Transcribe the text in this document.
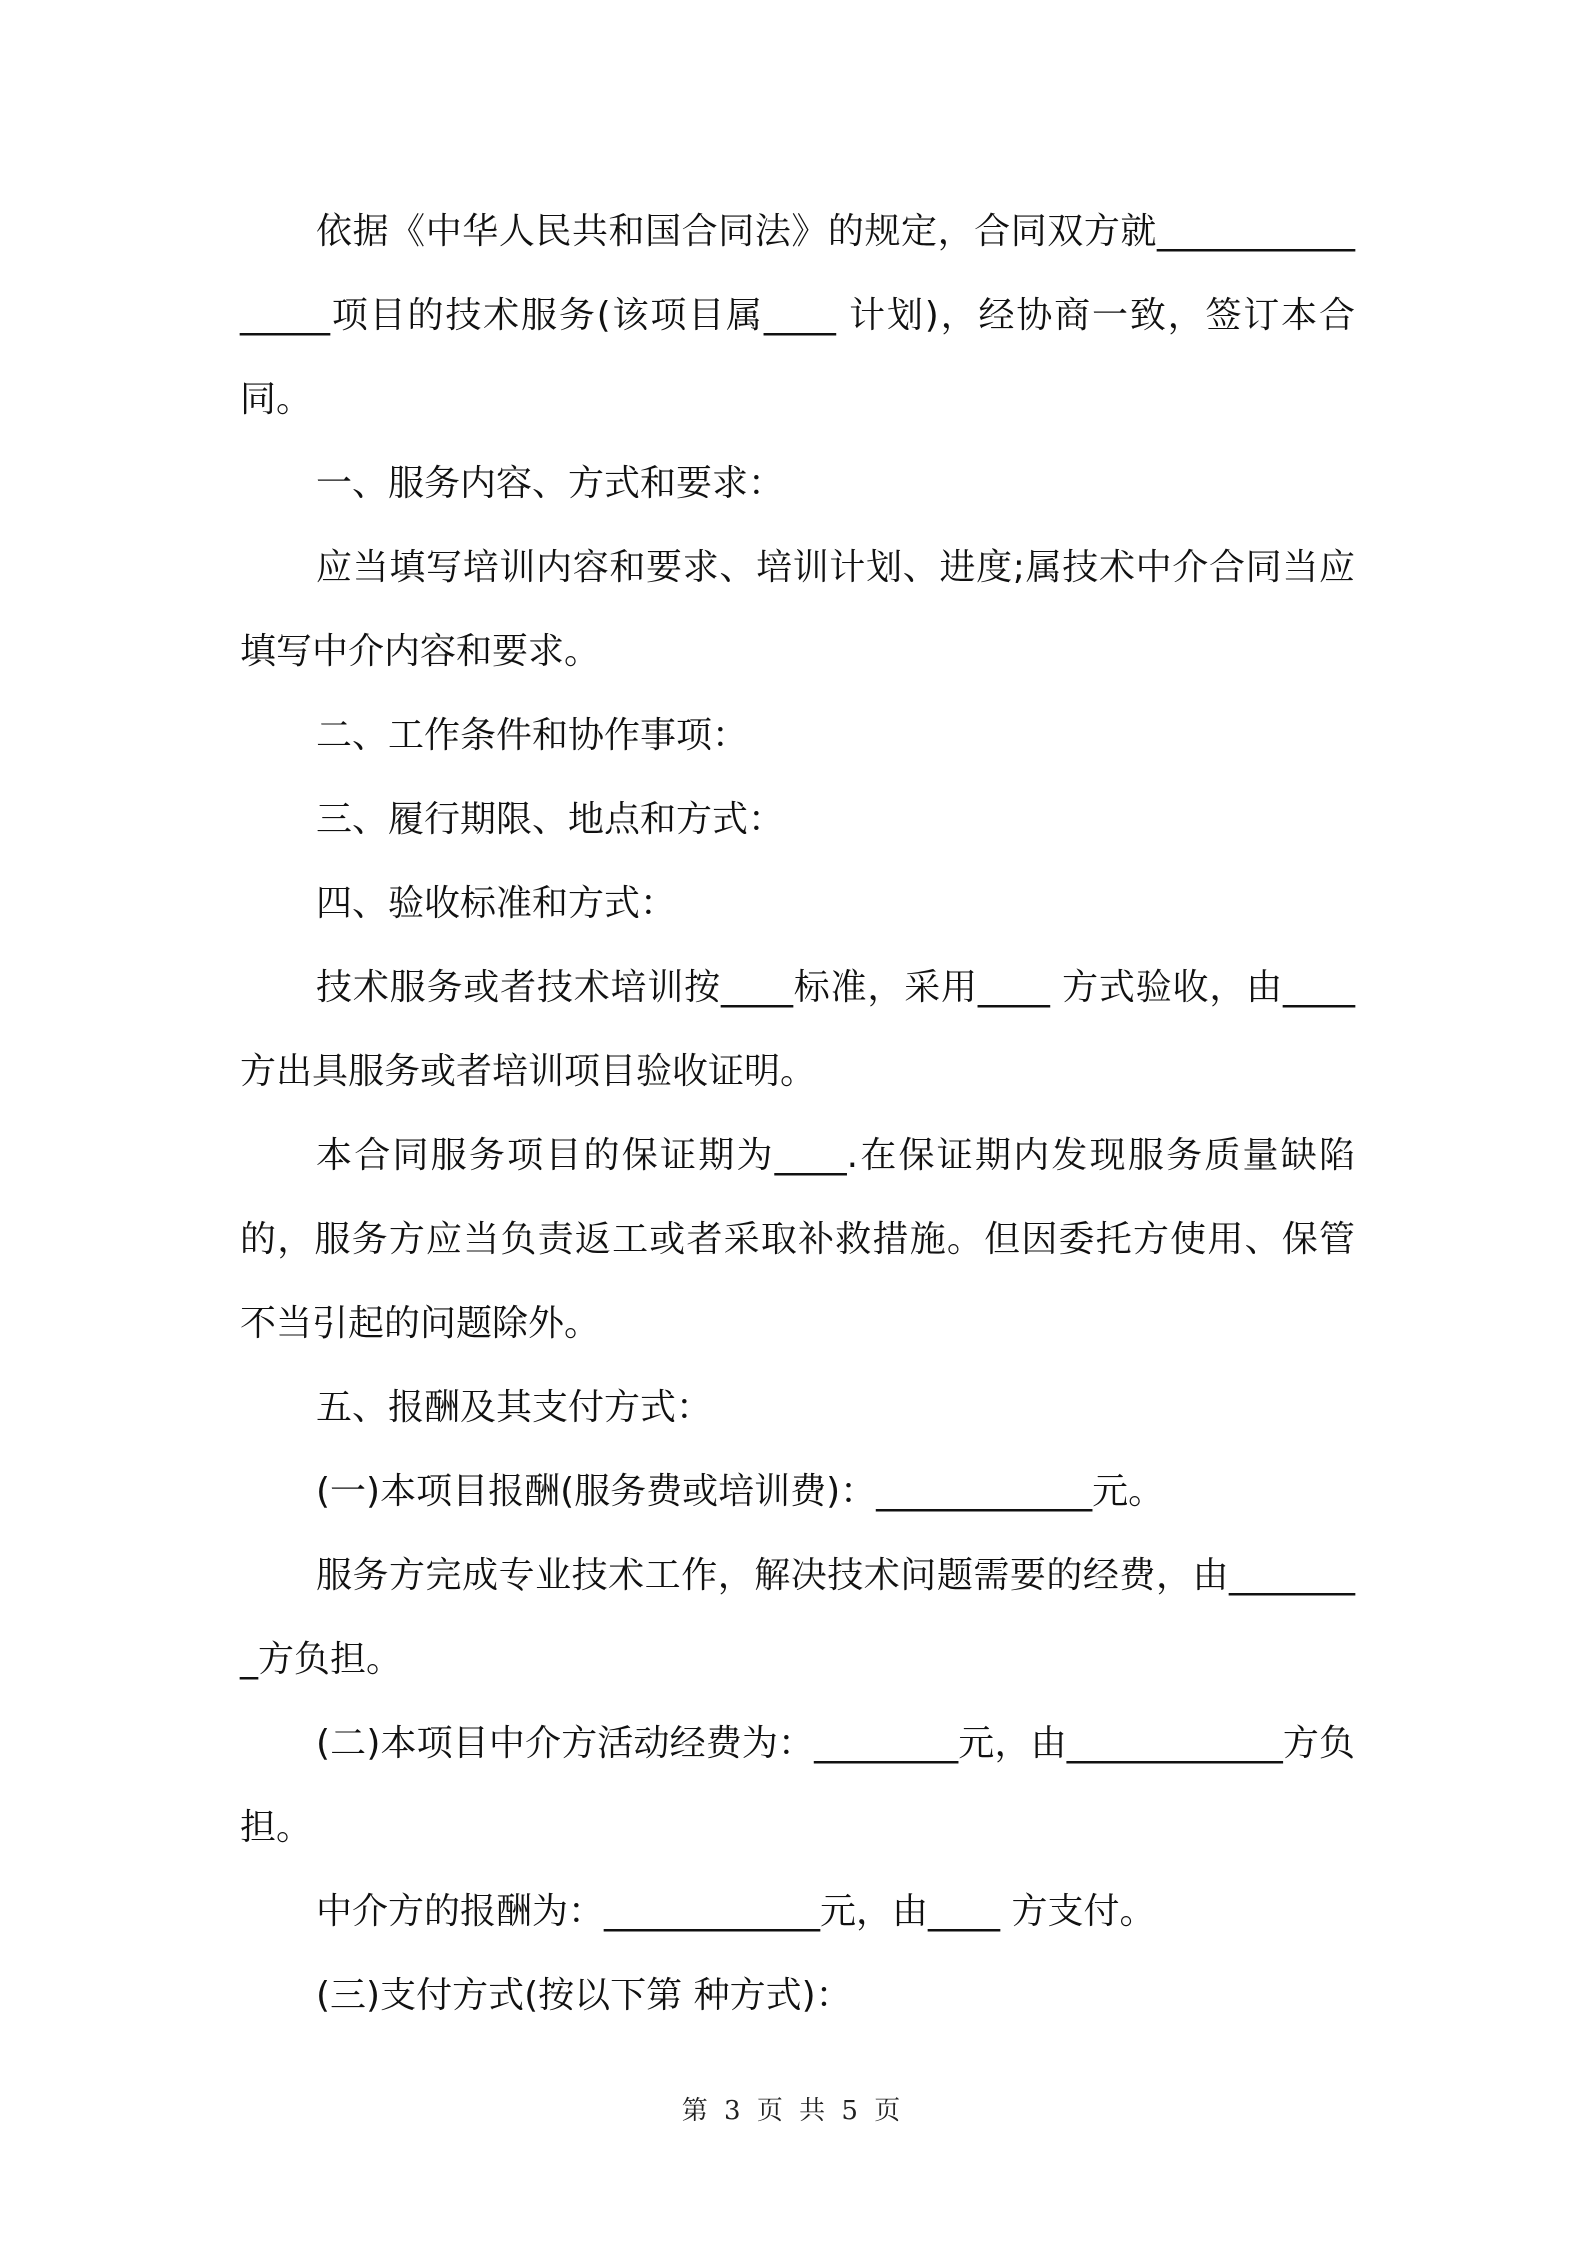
依据《中华人民共和国合同法》的规定，合同双方就________________项目的技术服务(该项目属____ 计划)，经协商一致，签订本合同。

一、服务内容、方式和要求：

应当填写培训内容和要求、培训计划、进度;属技术中介合同当应填写中介内容和要求。

二、工作条件和协作事项：

三、履行期限、地点和方式：

四、验收标准和方式：

技术服务或者技术培训按____标准，采用____ 方式验收，由____方出具服务或者培训项目验收证明。

本合同服务项目的保证期为____.在保证期内发现服务质量缺陷的，服务方应当负责返工或者采取补救措施。但因委托方使用、保管不当引起的问题除外。

五、报酬及其支付方式：

(一)本项目报酬(服务费或培训费)：____________元。

服务方完成专业技术工作，解决技术问题需要的经费，由________方负担。

(二)本项目中介方活动经费为：________元，由____________方负担。

中介方的报酬为：____________元，由____ 方支付。

(三)支付方式(按以下第 种方式)：

第 3 页 共 5 页
